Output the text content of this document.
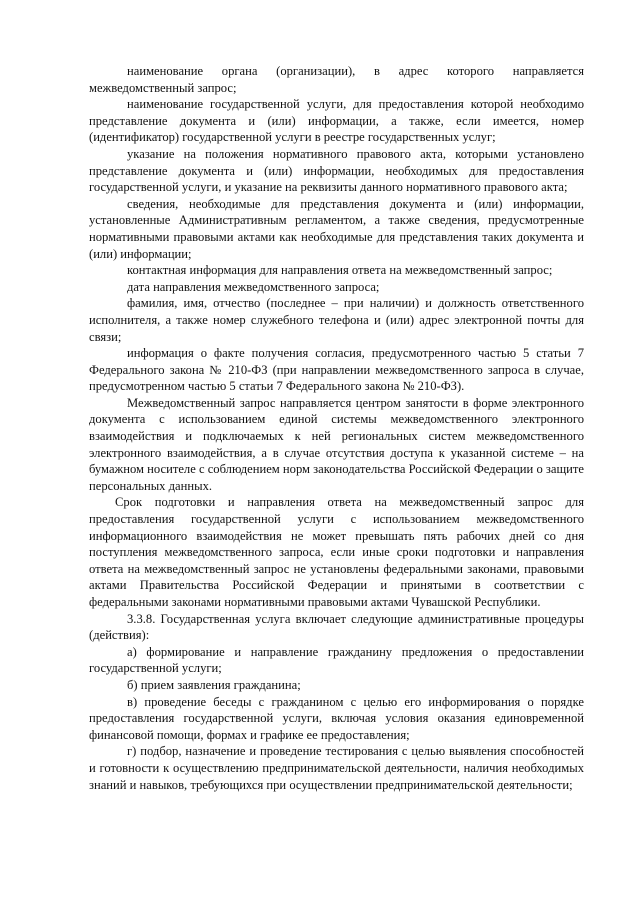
наименование органа (организации), в адрес которого направляется межведомственный запрос;

наименование государственной услуги, для предоставления которой необходимо представление документа и (или) информации, а также, если имеется, номер (идентификатор) государственной услуги в реестре государственных услуг;

указание на положения нормативного правового акта, которыми установлено представление документа и (или) информации, необходимых для предоставления государственной услуги, и указание на реквизиты данного нормативного правового акта;

сведения, необходимые для представления документа и (или) информации, установленные Административным регламентом, а также сведения, предусмотренные нормативными правовыми актами как необходимые для представления таких документа и (или) информации;

контактная информация для направления ответа на межведомственный запрос;

дата направления межведомственного запроса;

фамилия, имя, отчество (последнее – при наличии) и должность ответственного исполнителя, а также номер служебного телефона и (или) адрес электронной почты для связи;

информация о факте получения согласия, предусмотренного частью 5 статьи 7 Федерального закона № 210-ФЗ (при направлении межведомственного запроса в случае, предусмотренном частью 5 статьи 7 Федерального закона № 210-ФЗ).

Межведомственный запрос направляется центром занятости в форме электронного документа с использованием единой системы межведомственного электронного взаимодействия и подключаемых к ней региональных систем межведомственного электронного взаимодействия, а в случае отсутствия доступа к указанной системе – на бумажном носителе с соблюдением норм законодательства Российской Федерации о защите персональных данных.

Срок подготовки и направления ответа на межведомственный запрос для предоставления государственной услуги с использованием межведомственного информационного взаимодействия не может превышать пять рабочих дней со дня поступления межведомственного запроса, если иные сроки подготовки и направления ответа на межведомственный запрос не установлены федеральными законами, правовыми актами Правительства Российской Федерации и принятыми в соответствии с федеральными законами нормативными правовыми актами Чувашской Республики.

3.3.8. Государственная услуга включает следующие административные процедуры (действия):

а) формирование и направление гражданину предложения о предоставлении государственной услуги;

б) прием заявления гражданина;

в) проведение беседы с гражданином с целью его информирования о порядке предоставления государственной услуги, включая условия оказания единовременной финансовой помощи, формах и графике ее предоставления;

г) подбор, назначение и проведение тестирования с целью выявления способностей и готовности к осуществлению предпринимательской деятельности, наличия необходимых знаний и навыков, требующихся при осуществлении предпринимательской деятельности;
